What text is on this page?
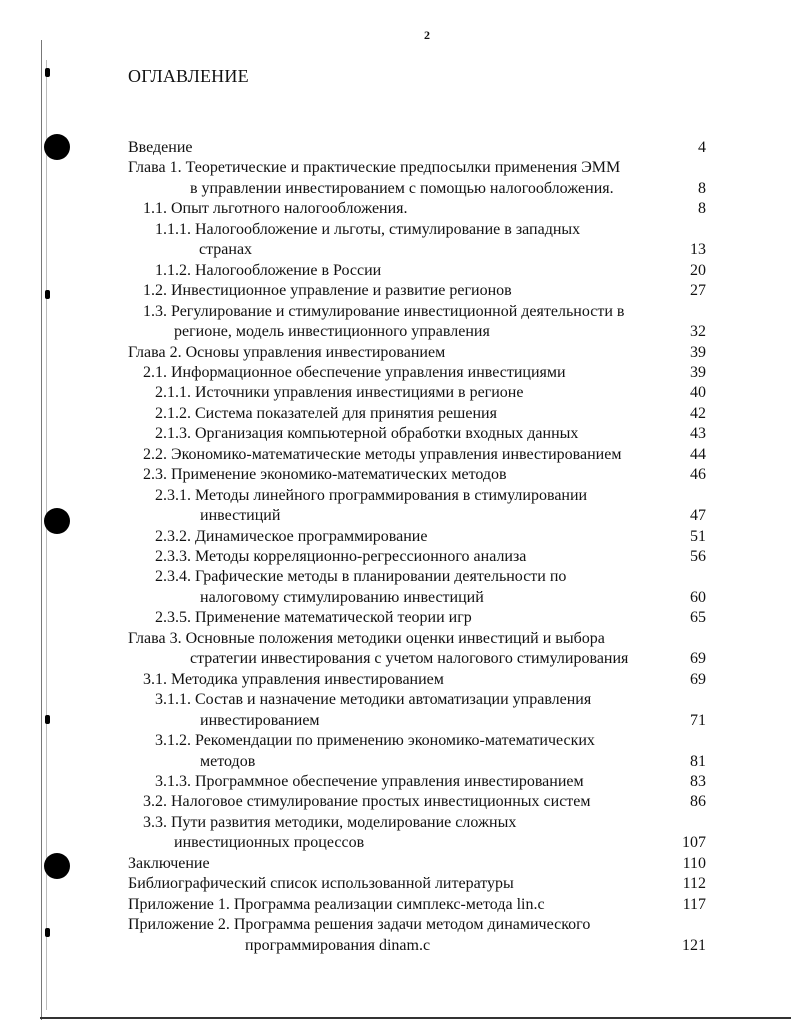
2
ОГЛАВЛЕНИЕ
Введение	4
Глава 1. Теоретические и практические предпосылки применения ЭММ
в управлении инвестированием с помощью налогообложения.	8
1.1. Опыт льготного налогообложения.	8
1.1.1. Налогообложение и льготы, стимулирование в западных
странах	13
1.1.2. Налогообложение в России	20
1.2. Инвестиционное управление и развитие регионов	27
1.3. Регулирование и стимулирование инвестиционной деятельности в
регионе, модель инвестиционного управления	32
Глава 2. Основы управления инвестированием	39
2.1. Информационное обеспечение управления инвестициями	39
2.1.1. Источники управления инвестициями в регионе	40
2.1.2. Система показателей для принятия решения	42
2.1.3. Организация компьютерной обработки входных данных	43
2.2. Экономико-математические методы управления инвестированием	44
2.3. Применение экономико-математических методов	46
2.3.1. Методы линейного программирования в стимулировании
инвестиций	47
2.3.2. Динамическое программирование	51
2.3.3. Методы корреляционно-регрессионного анализа	56
2.3.4. Графические методы в планировании деятельности по
налоговому стимулированию инвестиций	60
2.3.5. Применение математической теории игр	65
Глава 3. Основные положения методики оценки инвестиций и выбора
стратегии инвестирования с учетом налогового стимулирования	69
3.1. Методика управления инвестированием	69
3.1.1. Состав и назначение методики автоматизации управления
инвестированием	71
3.1.2. Рекомендации по применению экономико-математических
методов	81
3.1.3. Программное обеспечение управления инвестированием	83
3.2. Налоговое стимулирование простых инвестиционных систем	86
3.3. Пути развития методики, моделирование сложных
инвестиционных процессов	107
Заключение	110
Библиографический список использованной литературы	112
Приложение 1. Программа реализации симплекс-метода lin.c	117
Приложение 2. Программа решения задачи методом динамического
программирования dinam.c	121
